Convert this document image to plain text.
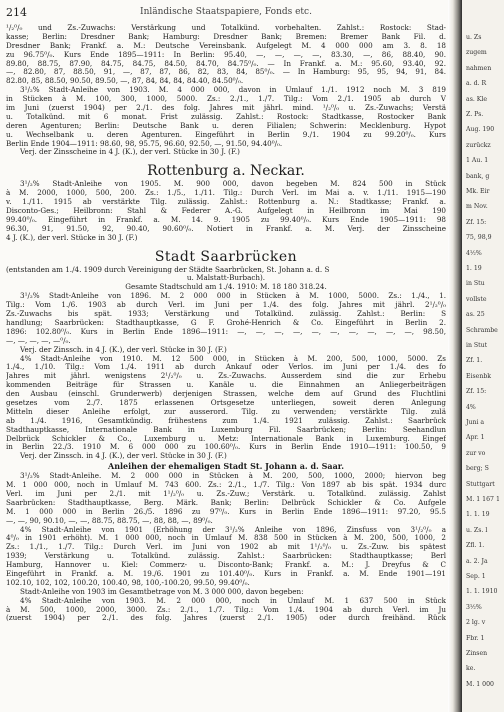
214	Inländische Staatspapiere, Fonds etc.
¹/₂⁰/₀ und Zs.-Zuwachs: Verstärkung und Totalkünd. vorbehalten. Zahlst.: Rostock: Stad-
kasse; Berlin: Dresdner Bank; Hamburg: Dresdner Bank; Bremen: Bremer Bank Fil. d.
Dresdner Bank; Frankf. a. M.: Deutsche Vereinsbank. Aufgelegt M. 4 000 000 am 3. 8. 18
zu 96.75⁰/₀. Kurs Ende 1895—1911: In Berlin: 95.40, —, —, —, —, 83.30, —, 86, 88.40, 90.
89.80, 88.75, 87.90, 84.75, 84.75, 84.50, 84.70, 84.75⁰/₀. — In Frankf. a. M.: 95.60, 93.40, 92.
—, 82.80, 87, 88.50, 91, —, 87, 87, 86, 82, 83, 84, 85⁰/₀. — In Hamburg: 95, 95, 94, 91, 84.
82.80, 85, 88.50, 90.50, 89.50, —, 87, 84, 84, 84, 84.40, 84.50⁰/₀.
3¹/₂% Stadt-Anleihe von 1903. M. 4 000 000, davon in Umlauf 1./1. 1912 noch M. 3 819
in Stücken à M. 100, 300, 1000, 5000. Zs.: 2./1., 1./7. Tilg.: Vom 2./1. 1905 ab durch V
im Juni (zuerst 1904) per 2./1. des folg. Jahres mit jährl. mind. ¹/₂⁰/₀ u. Zs.-Zuwachs; Verstä
u. Totalkünd. mit 6 monat. Frist zulässig. Zahlst.: Rostock: Stadtkasse, Rostocker Bank
deren Agenturen; Berlin: Deutsche Bank u. deren Filialen; Schwerin: Mecklenburg. Hypot
u. Wechselbank u. deren Agenturen. Eingeführt in Berlin 9./1. 1904 zu 99.20⁰/₀. Kurs
Berlin Ende 1904—1911: 98.60, 98, 95.75, 96.60, 92.50, —, 91.50, 94.40⁰/₀.
Verj. der Zinsscheine in 4 J. (K.), der verl. Stücke in 30 J. (F.)
Rottenburg a. Neckar.
3¹/₂% Stadt-Anleihe von 1905. M. 900 000, davon begeben M. 824 500 in Stück
à M. 2000, 1000, 500, 200. Zs.: 1./5., 1./11. Tilg.: Durch Verl. im Mai a. v. 1./11. 1915—190
v. 1./11. 1915 ab verstärkte Tilg. zulässig. Zahlst.: Rottenburg a. N.: Stadtkasse; Frankf. a.
Disconto-Ges.; Heilbronn: Stahl & Federer A.-G. Aufgelegt in Heilbronn im Mai 190
99.40⁰/₀. Eingeführt in Frankf. a. M. 14. 9. 1905 zu 99.40⁰/₀. Kurs Ende 1905—1911: 98
96.30, 91, 91.50, 92, 90.40, 90.60⁰/₀. Notiert in Frankf. a. M. Verj. der Zinsscheine
4 J. (K.), der verl. Stücke in 30 J. (F.)
Stadt Saarbrücken
(entstanden am 1./4. 1909 durch Vereinigung der Städte Saarbrücken, St. Johann a. d. S
u. Malstatt-Burbach).
Gesamte Stadtschuld am 1./4. 1910: M. 18 180 318.24.
3¹/₂% Stadt-Anleihe von 1896. M. 2 000 000 in Stücken à M. 1000, 5000. Zs.: 1./4., 1.
Tilg.: Vom 1./6. 1903 ab durch Verl. im Juni per 1./4. des folg. Jahres mit jährl. 2¹/₂⁰/₀
Zs.-Zuwachs bis spät. 1933; Verstärkung und Totalkünd. zulässig. Zahlst.: Berlin: S
handlung; Saarbrücken: Stadthauptkasse, G F. Grohé-Henrich & Co. Eingeführt in Berlin 2.
1896: 102.80⁰/₀. Kurs in Berlin Ende 1896—1911: —, —, —, —, —, —, —, —, —, —, 98.50,
—, —, —, —, —⁰/₀.
Verj. der Zinssch. in 4 J. (K.), der verl. Stücke in 30 J. (F.)
4% Stadt-Anleihe von 1910. M. 12 500 000, in Stücken à M. 200, 500, 1000, 5000. Zs
1./4., 1./10. Tilg.: Vom 1./4. 1911 ab durch Ankauf oder Verlos. im Juni per 1./4. des fo
Jahres mit jährl. wenigstens 2¹/₂⁰/₀ u. Zs.-Zuwachs. Ausserdem sind die zur Erhebu
kommenden Beiträge für Strassen u. Kanäle u. die Einnahmen an Anliegerbeiträgen
den Ausbau (einschl. Grunderwerb) derjenigen Strassen, welche dem auf Grund des Fluchtlini
gesetzes vom 2./7. 1875 erlassenen Ortsgesetze unterliegen, soweit deren Anlegung
Mitteln dieser Anleihe erfolgt, zur ausserord. Tilg. zu verwenden; verstärkte Tilg. zulä
ab 1./4. 1916, Gesamtkündig. frühestens zum 1./4. 1921 zulässig. Zahlst.: Saarbrück
Stadthauptkasse, Internationale Bank in Luxemburg Fil. Saarbrücken; Berlin: Seehandlun
Delbrück Schickler & Co., Luxemburg u. Metz: Internationale Bank in Luxemburg. Eingef
in Berlin 22./3. 1910 M. 6 000 000 zu 100.60⁰/₀. Kurs in Berlin Ende 1910—1911: 100.50, 9
Verj. der Zinssch. in 4 J. (K.), der verl. Stücke in 30 J. (F.)
Anleihen der ehemaligen Stadt St. Johann a. d. Saar.
3¹/₂% Stadt-Anleihe. M. 2 000 000 in Stücken à M. 200, 500, 1000, 2000; hiervon beg
M. 1 000 000, noch in Umlauf M. 743 600. Zs.: 2./1., 1./7. Tilg.: Von 1897 ab bis spät. 1934 durc
Verl. im Juni per 2./1. mit 1¹/₂⁰/₀ u. Zs.-Zuw.; Verstärk. u. Totalkünd. zulässig. Zahlst
Saarbrücken: Stadthauptkasse, Berg. Märk. Bank; Berlin: Delbrück Schickler & Co. Aufgele
M. 1 000 000 in Berlin 26./5. 1896 zu 97⁰/₀. Kurs in Berlin Ende 1896—1911: 97.20, 95.5
—, —, 90, 90.10, —, —, 88.75, 88.75, —, 88, 88, —, 89⁰/₀.
4% Stadt-Anleihe von 1901 (Erhöhung der 3¹/₂% Anleihe von 1896, Zinsfuss von 3¹/₂⁰/₀ a
4⁰/₀ in 1901 erhöht). M. 1 000 000, noch in Umlauf M. 838 500 in Stücken à M. 200, 500, 1000, 2
Zs.: 1./1., 1./7. Tilg.: Durch Verl. im Juni von 1902 ab mit 1¹/₂⁰/₀ u. Zs.-Zuw. bis spätest
1939; Verstärkung u. Totalkünd. zulässig. Zahlst.: Saarbrücken: Stadthauptkasse; Berl
Hamburg, Hannover u. Kiel: Commerz- u. Disconto-Bank; Frankf. a. M.: J. Dreyfus & C
Eingeführt in Frankf. a. M. 19./6. 1901 zu 101.40⁰/₀. Kurs in Frankf. a. M. Ende 1901—191
102.10, 102, 102, 100.20, 100.40, 98, 100,-100.20, 99.50, 99.40⁰/₀.
Stadt-Anleihe von 1903 im Gesamtbetrage von M. 3 000 000, davon begeben:
4% Stadt-Anleihe von 1903. M. 2 000 000, noch in Umlauf M. 1 637 500 in Stück
à M. 500, 1000, 2000, 3000. Zs.: 2./1., 1./7. Tilg.: Vom 1./4. 1904 ab durch Verl. im Ju
(zuerst 1904) per 2./1. des folg. Jahres (zuerst 2./1. 1905) oder durch freihänd. Rück
u. Zs
zugem
nahmen
a. d. R
as. Kle
Z. Ps.
Aug. 190
zurückz
1 Au. 1
bank, g
Mk. Eir
m Nov.
Zf. 15:
75, 98,9
4½%
1. 19
in Stu
vollste
as. 25
Schrambe
in Stut
Zf. 1.
Eisenbk
Zf. 15:
4%
Juni a
Apr. 1
zur vo
berg; S
Stuttgart
M. 1 167 1
1. 1. 19
u. Zs. l
Zfl. 1.
a. 2. Ja
Sep. 1
1. 1. 1910
3½%
2 lg. v
Fbr. 1
Zinsen
ke.
M. 1 000
